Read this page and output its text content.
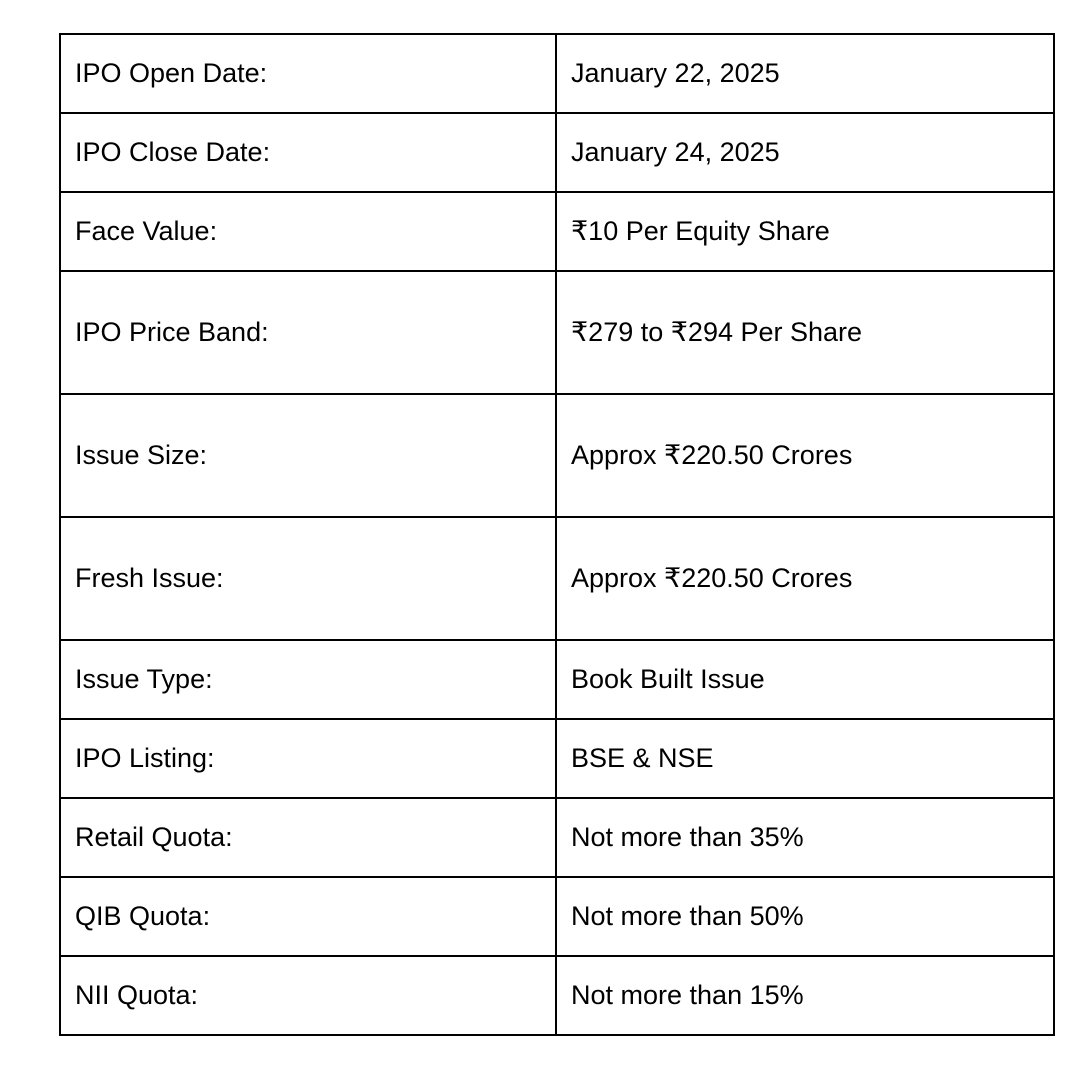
IPO Open Date:	January 22, 2025
IPO Close Date:	January 24, 2025
Face Value:	₹10 Per Equity Share
IPO Price Band:	₹279 to ₹294 Per Share
Issue Size:	Approx ₹220.50 Crores
Fresh Issue:	Approx ₹220.50 Crores
Issue Type:	Book Built Issue
IPO Listing:	BSE & NSE
Retail Quota:	Not more than 35%
QIB Quota:	Not more than 50%
NII Quota:	Not more than 15%
